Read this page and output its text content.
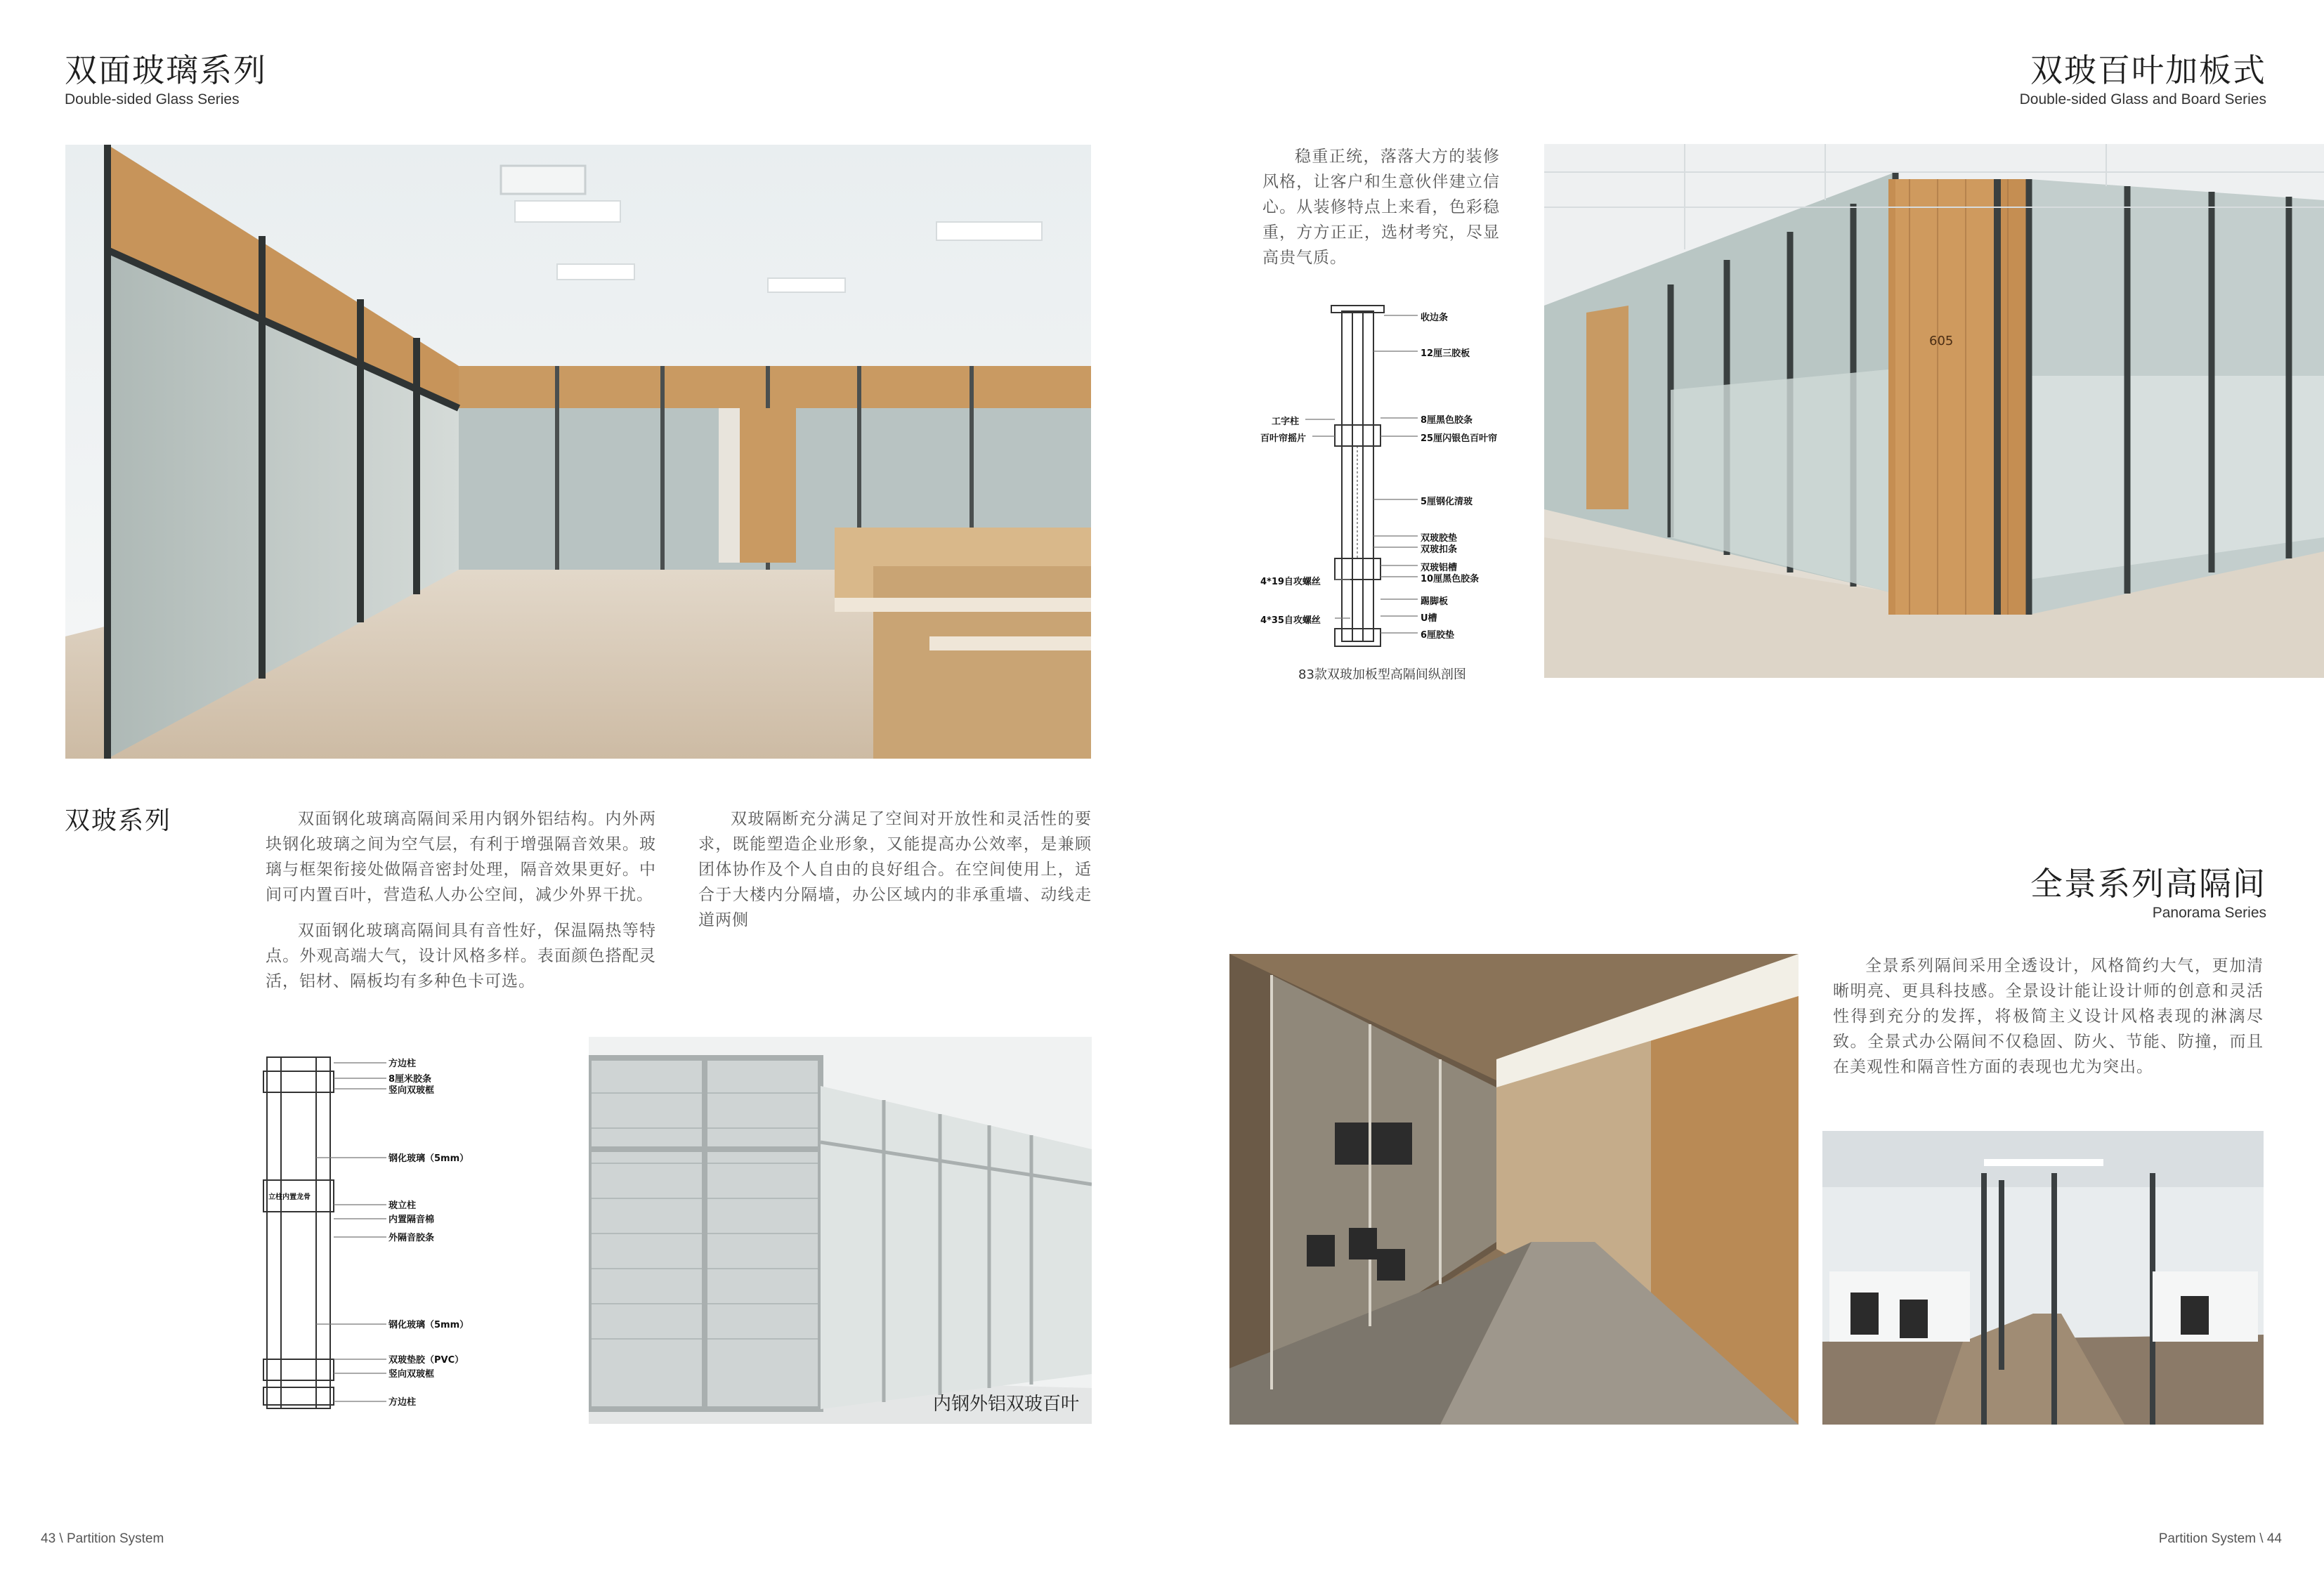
双面玻璃系列
Double-sided Glass Series
双玻系列	双面钢化玻璃高隔间采用内钢外铝结构。内外两块钢化玻璃之间为空气层，有利于增强隔音效果。玻璃与框架衔接处做隔音密封处理，隔音效果更好。中间可内置百叶，营造私人办公空间，减少外界干扰。
双面钢化玻璃高隔间具有音性好，保温隔热等特点。外观高端大气，设计风格多样。表面颜色搭配灵活，铝材、隔板均有多种色卡可选。
双玻隔断充分满足了空间对开放性和灵活性的要求，既能塑造企业形象，又能提高办公效率，是兼顾团体协作及个人自由的良好组合。在空间使用上，适合于大楼内分隔墙，办公区域内的非承重墙、动线走道两侧
立柱内置龙骨
方边柱
8厘米胶条
竖向双玻框
钢化玻璃（5mm）
玻立柱
内置隔音棉
外隔音胶条
钢化玻璃（5mm）
双玻垫胶（PVC）
竖向双玻框
方边柱	内钢外铝双玻百叶
43 \ Partition System
双玻百叶加板式
Double-sided Glass and Board Series
稳重正统，落落大方的装修风格，让客户和生意伙伴建立信心。从装修特点上来看，色彩稳重，方方正正，选材考究，尽显高贵气质。
收边条
12厘三胶板
8厘黑色胶条
25厘闪银色百叶帘
5厘钢化清玻
双玻胶垫
双玻扣条
双玻铝槽
10厘黑色胶条
踢脚板
U槽
6厘胶垫
工字柱
百叶帘摇片
4*19自攻螺丝
4*35自攻螺丝
83款双玻加板型高隔间纵剖图
605
全景系列高隔间
Panorama Series
全景系列隔间采用全透设计，风格简约大气，更加清晰明亮、更具科技感。全景设计能让设计师的创意和灵活性得到充分的发挥，将极简主义设计风格表现的淋漓尽致。全景式办公隔间不仅稳固、防火、节能、防撞，而且在美观性和隔音性方面的表现也尤为突出。
Partition System \ 44
